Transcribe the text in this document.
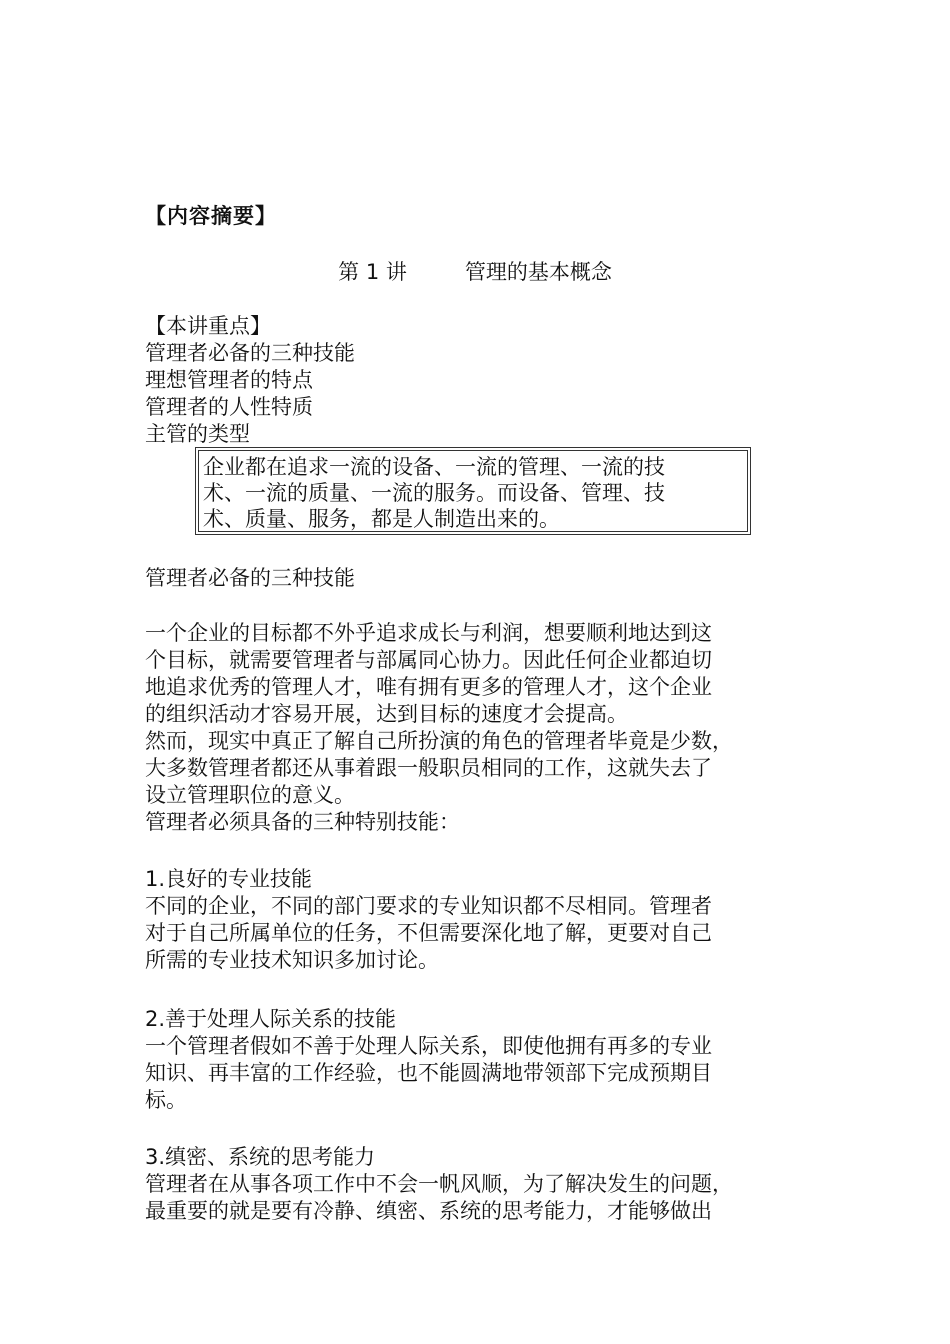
【内容摘要】
第 1 讲	管理的基本概念
【本讲重点】
管理者必备的三种技能
理想管理者的特点
管理者的人性特质
主管的类型
企业都在追求一流的设备、一流的管理、一流的技
术、一流的质量、一流的服务。而设备、管理、技
术、质量、服务，都是人制造出来的。
管理者必备的三种技能
一个企业的目标都不外乎追求成长与利润，想要顺利地达到这
个目标，就需要管理者与部属同心协力。因此任何企业都迫切
地追求优秀的管理人才，唯有拥有更多的管理人才，这个企业
的组织活动才容易开展，达到目标的速度才会提高。
然而，现实中真正了解自己所扮演的角色的管理者毕竟是少数，
大多数管理者都还从事着跟一般职员相同的工作，这就失去了
设立管理职位的意义。
管理者必须具备的三种特别技能：
1.良好的专业技能
不同的企业，不同的部门要求的专业知识都不尽相同。管理者
对于自己所属单位的任务，不但需要深化地了解，更要对自己
所需的专业技术知识多加讨论。
2.善于处理人际关系的技能
一个管理者假如不善于处理人际关系，即使他拥有再多的专业
知识、再丰富的工作经验，也不能圆满地带领部下完成预期目
标。
3.缜密、系统的思考能力
管理者在从事各项工作中不会一帆风顺，为了解决发生的问题，
最重要的就是要有冷静、缜密、系统的思考能力，才能够做出
